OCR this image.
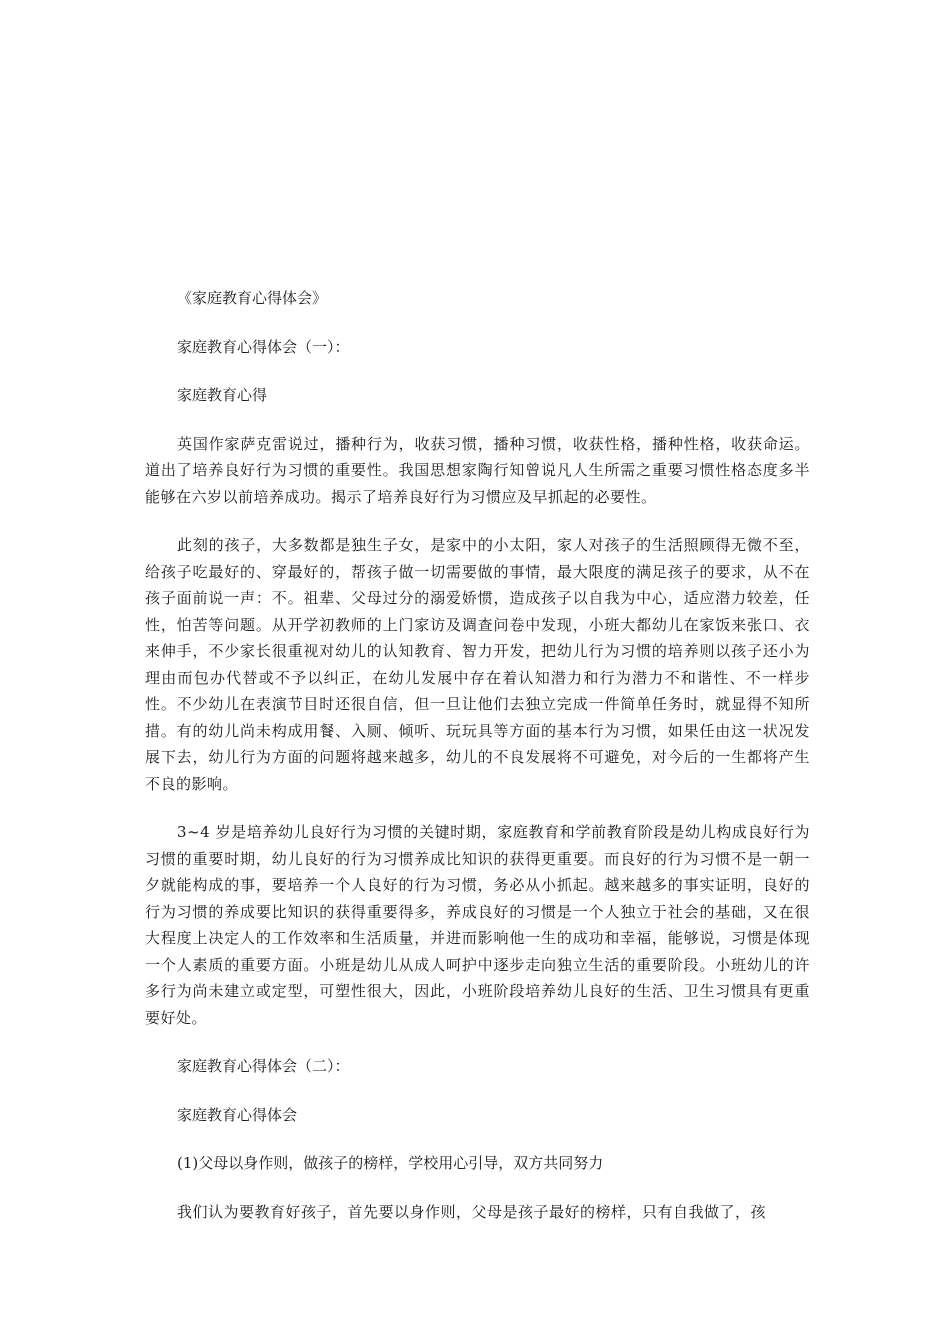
《家庭教育心得体会》

家庭教育心得体会（一）：

家庭教育心得

英国作家萨克雷说过，播种行为，收获习惯，播种习惯，收获性格，播种性格，收获命运。道出了培养良好行为习惯的重要性。我国思想家陶行知曾说凡人生所需之重要习惯性格态度多半能够在六岁以前培养成功。揭示了培养良好行为习惯应及早抓起的必要性。

此刻的孩子，大多数都是独生子女，是家中的小太阳，家人对孩子的生活照顾得无微不至，给孩子吃最好的、穿最好的，帮孩子做一切需要做的事情，最大限度的满足孩子的要求，从不在孩子面前说一声：不。祖辈、父母过分的溺爱娇惯，造成孩子以自我为中心，适应潜力较差，任性，怕苦等问题。从开学初教师的上门家访及调查问卷中发现，小班大都幼儿在家饭来张口、衣来伸手，不少家长很重视对幼儿的认知教育、智力开发，把幼儿行为习惯的培养则以孩子还小为理由而包办代替或不予以纠正，在幼儿发展中存在着认知潜力和行为潜力不和谐性、不一样步性。不少幼儿在表演节目时还很自信，但一旦让他们去独立完成一件简单任务时，就显得不知所措。有的幼儿尚未构成用餐、入厕、倾听、玩玩具等方面的基本行为习惯，如果任由这一状况发展下去，幼儿行为方面的问题将越来越多，幼儿的不良发展将不可避免，对今后的一生都将产生不良的影响。

3~4 岁是培养幼儿良好行为习惯的关键时期，家庭教育和学前教育阶段是幼儿构成良好行为习惯的重要时期，幼儿良好的行为习惯养成比知识的获得更重要。而良好的行为习惯不是一朝一夕就能构成的事，要培养一个人良好的行为习惯，务必从小抓起。越来越多的事实证明，良好的行为习惯的养成要比知识的获得重要得多，养成良好的习惯是一个人独立于社会的基础，又在很大程度上决定人的工作效率和生活质量，并进而影响他一生的成功和幸福，能够说，习惯是体现一个人素质的重要方面。小班是幼儿从成人呵护中逐步走向独立生活的重要阶段。小班幼儿的许多行为尚未建立或定型，可塑性很大，因此，小班阶段培养幼儿良好的生活、卫生习惯具有更重要好处。

家庭教育心得体会（二）：

家庭教育心得体会

(1)父母以身作则，做孩子的榜样，学校用心引导，双方共同努力

我们认为要教育好孩子，首先要以身作则，父母是孩子最好的榜样，只有自我做了，孩
